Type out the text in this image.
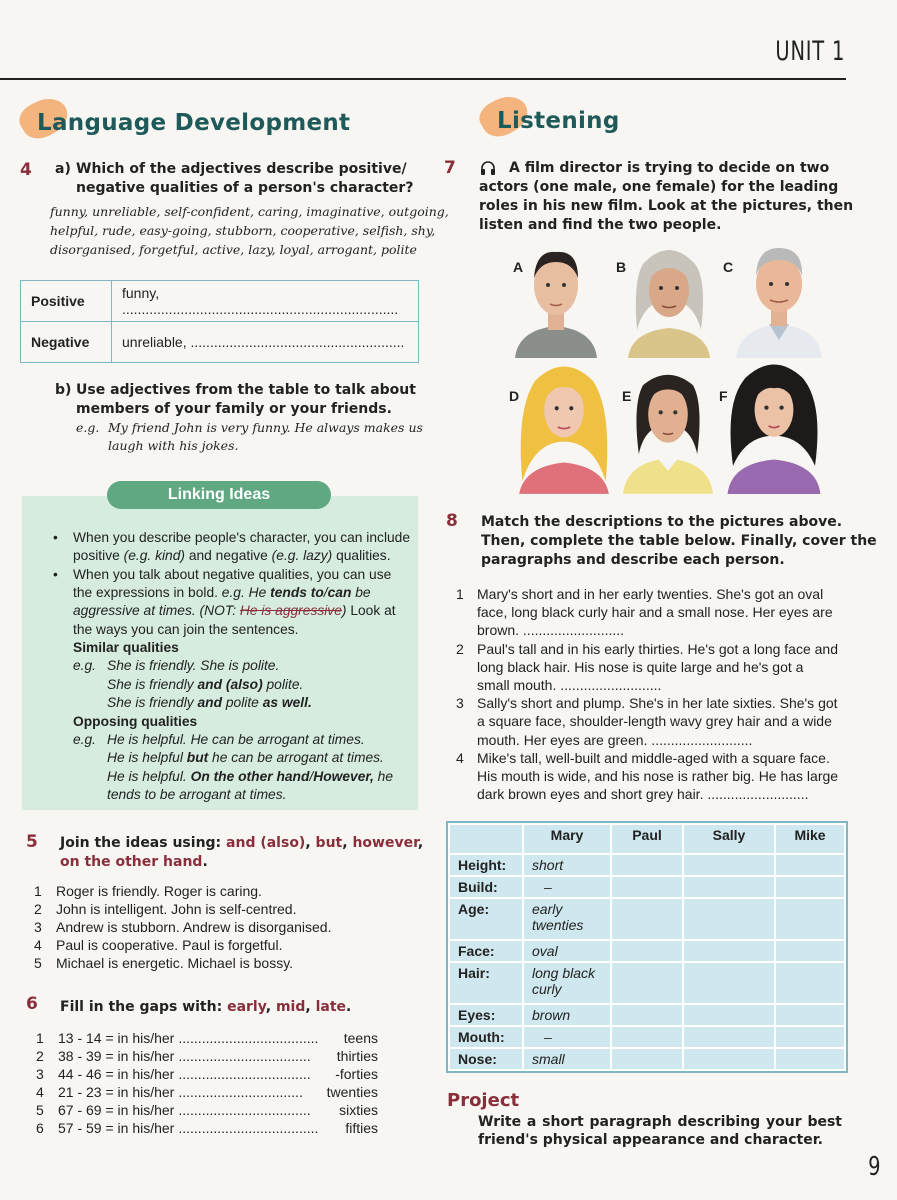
UNIT 1
Language Development
4 a) Which of the adjectives describe positive/
negative qualities of a person's character?
funny, unreliable, self-confident, caring, imaginative, outgoing,
helpful, rude, easy-going, stubborn, cooperative, selfish, shy,
disorganised, forgetful, active, lazy, loyal, arrogant, polite
Positive	funny, .......................................................................
Negative	unreliable, .......................................................
b) Use adjectives from the table to talk about
members of your family or your friends.
e.g. My friend John is very funny. He always makes us
laugh with his jokes.
Linking Ideas
• When you describe people's character, you can include
positive (e.g. kind) and negative (e.g. lazy) qualities.
• When you talk about negative qualities, you can use
the expressions in bold. e.g. He tends to/can be
aggressive at times. (NOT: He is aggressive) Look at
the ways you can join the sentences.
Similar qualities
e.g. She is friendly. She is polite.
She is friendly and (also) polite.
She is friendly and polite as well.
Opposing qualities
e.g. He is helpful. He can be arrogant at times.
He is helpful but he can be arrogant at times.
He is helpful. On the other hand/However, he
tends to be arrogant at times.
5 Join the ideas using: and (also), but, however,
on the other hand.
1 Roger is friendly. Roger is caring.
2 John is intelligent. John is self-centred.
3 Andrew is stubborn. Andrew is disorganised.
4 Paul is cooperative. Paul is forgetful.
5 Michael is energetic. Michael is bossy.
6 Fill in the gaps with: early, mid, late.
1	13 - 14 = in his/her ....................................	teens
2	38 - 39 = in his/her ..................................	thirties
3	44 - 46 = in his/her ..................................	-forties
4	21 - 23 = in his/her ................................	twenties
5	67 - 69 = in his/her ..................................	sixties
6	57 - 59 = in his/her ....................................	fifties
Listening
7	A film director is trying to decide on two
actors (one male, one female) for the leading
roles in his new film. Look at the pictures, then
listen and find the two people.
A	B	C
D	E	F
8 Match the descriptions to the pictures above.
Then, complete the table below. Finally, cover the
paragraphs and describe each person.
1 Mary's short and in her early twenties. She's got an oval
face, long black curly hair and a small nose. Her eyes are
brown. ..........................
2 Paul's tall and in his early thirties. He's got a long face and
long black hair. His nose is quite large and he's got a
small mouth. ..........................
3 Sally's short and plump. She's in her late sixties. She's got
a square face, shoulder-length wavy grey hair and a wide
mouth. Her eyes are green. ..........................
4 Mike's tall, well-built and middle-aged with a square face.
His mouth is wide, and his nose is rather big. He has large
dark brown eyes and short grey hair. ..........................
	Mary	Paul	Sally	Mike
Height:	short			
Build:	–			
Age:	early twenties			
Face:	oval			
Hair:	long black curly			
Eyes:	brown			
Mouth:	–			
Nose:	small			
Project
Write a short paragraph describing your best
friend's physical appearance and character.
9
